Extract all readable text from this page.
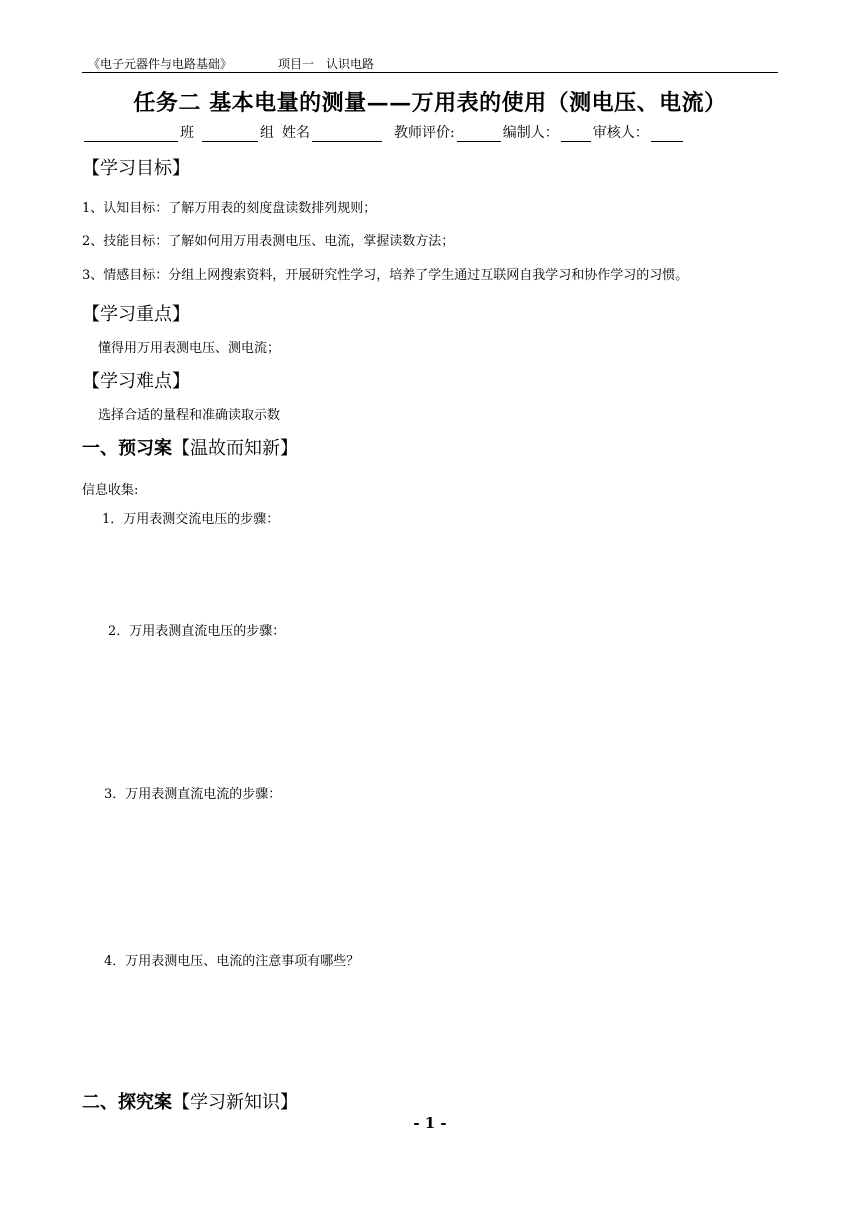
《电子元器件与电路基础》	项目一　认识电路
任务二 基本电量的测量——万用表的使用（测电压、电流）
班	组 姓名	教师评价:	编制人： 审核人：
【学习目标】
1、认知目标：了解万用表的刻度盘读数排列规则；
2、技能目标：了解如何用万用表测电压、电流，掌握读数方法；
3、情感目标：分组上网搜索资料，开展研究性学习，培养了学生通过互联网自我学习和协作学习的习惯。
【学习重点】
懂得用万用表测电压、测电流；
【学习难点】
选择合适的量程和准确读取示数
一、预习案【温故而知新】
信息收集:
1．万用表测交流电压的步骤：
2．万用表测直流电压的步骤：
3．万用表测直流电流的步骤：
4．万用表测电压、电流的注意事项有哪些？
二、探究案【学习新知识】
- 1 -
